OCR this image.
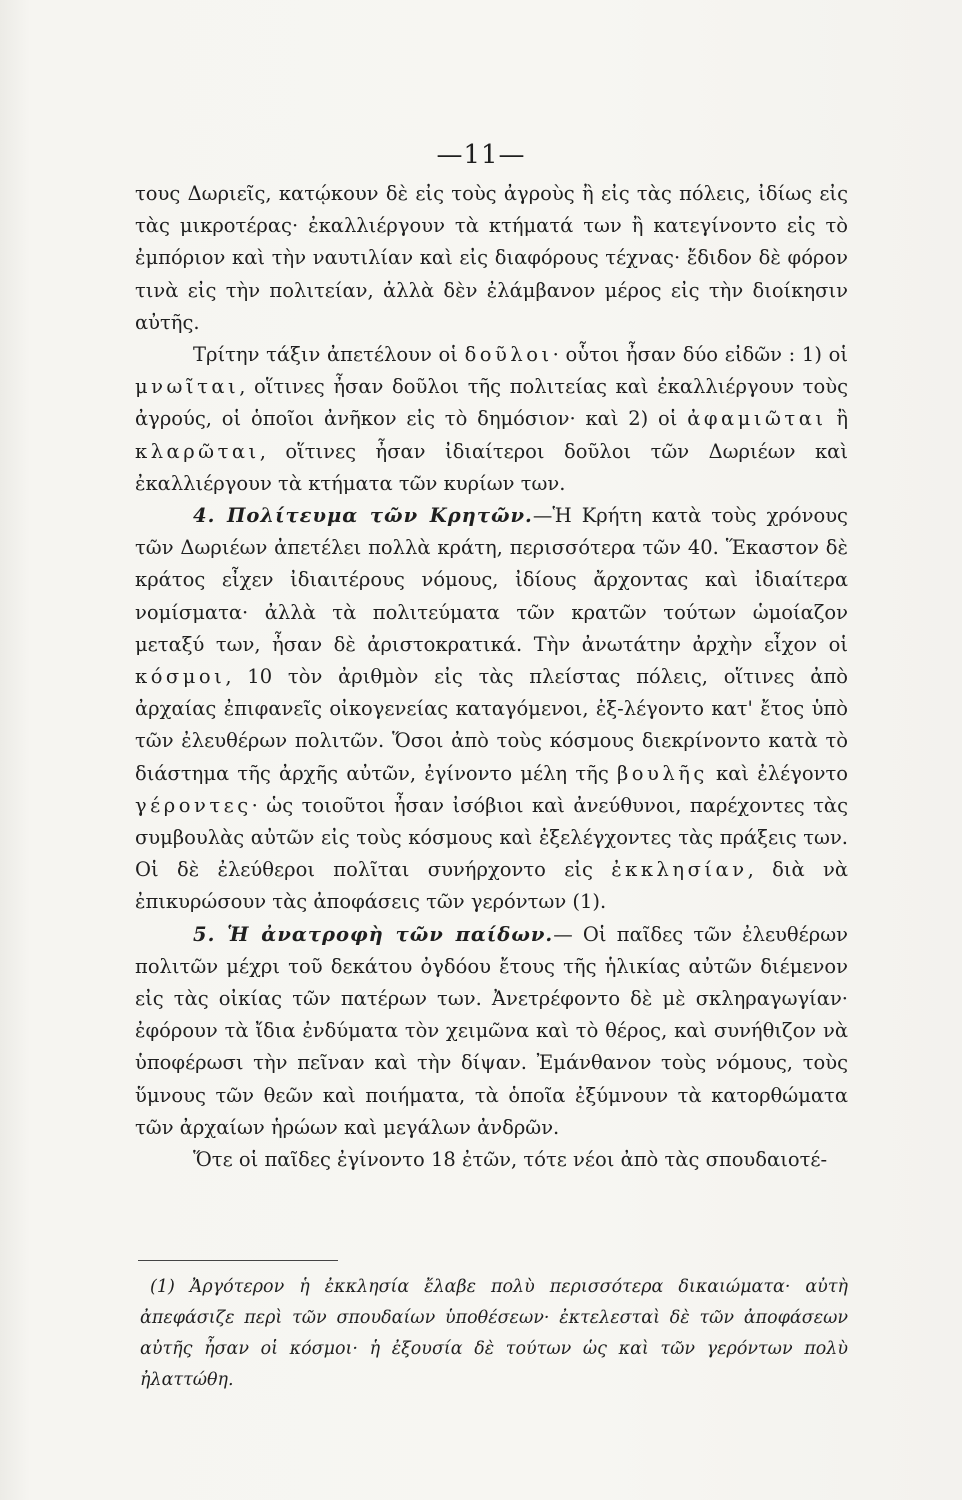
—11—

τους Δωριεῖς, κατῴκουν δὲ εἰς τοὺς ἀγροὺς ἢ εἰς τὰς πόλεις, ἰδίως εἰς τὰς μικροτέρας· ἐκαλλιέργουν τὰ κτήματά των ἢ κατεγίνοντο εἰς τὸ ἐμπόριον καὶ τὴν ναυτιλίαν καὶ εἰς διαφόρους τέχνας· ἔδιδον δὲ φόρον τινὰ εἰς τὴν πολιτείαν, ἀλλὰ δὲν ἐλάμβανον μέρος εἰς τὴν διοίκησιν αὐτῆς.

Τρίτην τάξιν ἀπετέλουν οἱ δοῦλοι· οὗτοι ἦσαν δύο εἰδῶν : 1) οἱ μνωῖται, οἵτινες ἦσαν δοῦλοι τῆς πολιτείας καὶ ἐκαλλιέργουν τοὺς ἀγρούς, οἱ ὁποῖοι ἀνῆκον εἰς τὸ δημόσιον· καὶ 2) οἱ ἀφαμιῶται ἢ κλαρῶται, οἵτινες ἦσαν ἰδιαίτεροι δοῦλοι τῶν Δωριέων καὶ ἐκαλλιέργουν τὰ κτήματα τῶν κυρίων των.

4. Πολίτευμα τῶν Κρητῶν.—Ἡ Κρήτη κατὰ τοὺς χρόνους τῶν Δωριέων ἀπετέλει πολλὰ κράτη, περισσότερα τῶν 40. Ἕκαστον δὲ κράτος εἶχεν ἰδιαιτέρους νόμους, ἰδίους ἄρχοντας καὶ ἰδιαίτερα νομίσματα· ἀλλὰ τὰ πολιτεύματα τῶν κρατῶν τούτων ὡμοίαζον μεταξύ των, ἦσαν δὲ ἀριστοκρατικά. Τὴν ἀνωτάτην ἀρχὴν εἶχον οἱ κόσμοι, 10 τὸν ἀριθμὸν εἰς τὰς πλείστας πόλεις, οἵτινες ἀπὸ ἀρχαίας ἐπιφανεῖς οἰκογενείας καταγόμενοι, ἐξ-λέγοντο κατ' ἔτος ὑπὸ τῶν ἐλευθέρων πολιτῶν. Ὅσοι ἀπὸ τοὺς κόσμους διεκρίνοντο κατὰ τὸ διάστημα τῆς ἀρχῆς αὐτῶν, ἐγίνοντο μέλη τῆς βουλῆς καὶ ἐλέγοντο γέροντες· ὡς τοιοῦτοι ἦσαν ἰσόβιοι καὶ ἀνεύθυνοι, παρέχοντες τὰς συμβουλὰς αὐτῶν εἰς τοὺς κόσμους καὶ ἐξελέγχοντες τὰς πράξεις των. Οἱ δὲ ἐλεύθεροι πολῖται συνήρχοντο εἰς ἐκκλησίαν, διὰ νὰ ἐπικυρώσουν τὰς ἀποφάσεις τῶν γερόντων (1).

5. Ἡ ἀνατροφὴ τῶν παίδων.— Οἱ παῖδες τῶν ἐλευθέρων πολιτῶν μέχρι τοῦ δεκάτου ὀγδόου ἔτους τῆς ἡλικίας αὐτῶν διέμενον εἰς τὰς οἰκίας τῶν πατέρων των. Ἀνετρέφοντο δὲ μὲ σκληραγωγίαν· ἐφόρουν τὰ ἴδια ἐνδύματα τὸν χειμῶνα καὶ τὸ θέρος, καὶ συνήθιζον νὰ ὑποφέρωσι τὴν πεῖναν καὶ τὴν δίψαν. Ἐμάνθανον τοὺς νόμους, τοὺς ὕμνους τῶν θεῶν καὶ ποιήματα, τὰ ὁποῖα ἐξύμνουν τὰ κατορθώματα τῶν ἀρχαίων ἡρώων καὶ μεγάλων ἀνδρῶν.

Ὅτε οἱ παῖδες ἐγίνοντο 18 ἐτῶν, τότε νέοι ἀπὸ τὰς σπουδαιοτέ-

(1) Ἀργότερον ἡ ἐκκλησία ἔλαβε πολὺ περισσότερα δικαιώματα· αὐτὴ ἀπεφάσιζε περὶ τῶν σπουδαίων ὑποθέσεων· ἐκτελεσταὶ δὲ τῶν ἀποφάσεων αὐτῆς ἦσαν οἱ κόσμοι· ἡ ἐξουσία δὲ τούτων ὡς καὶ τῶν γερόντων πολὺ ἠλαττώθη.
